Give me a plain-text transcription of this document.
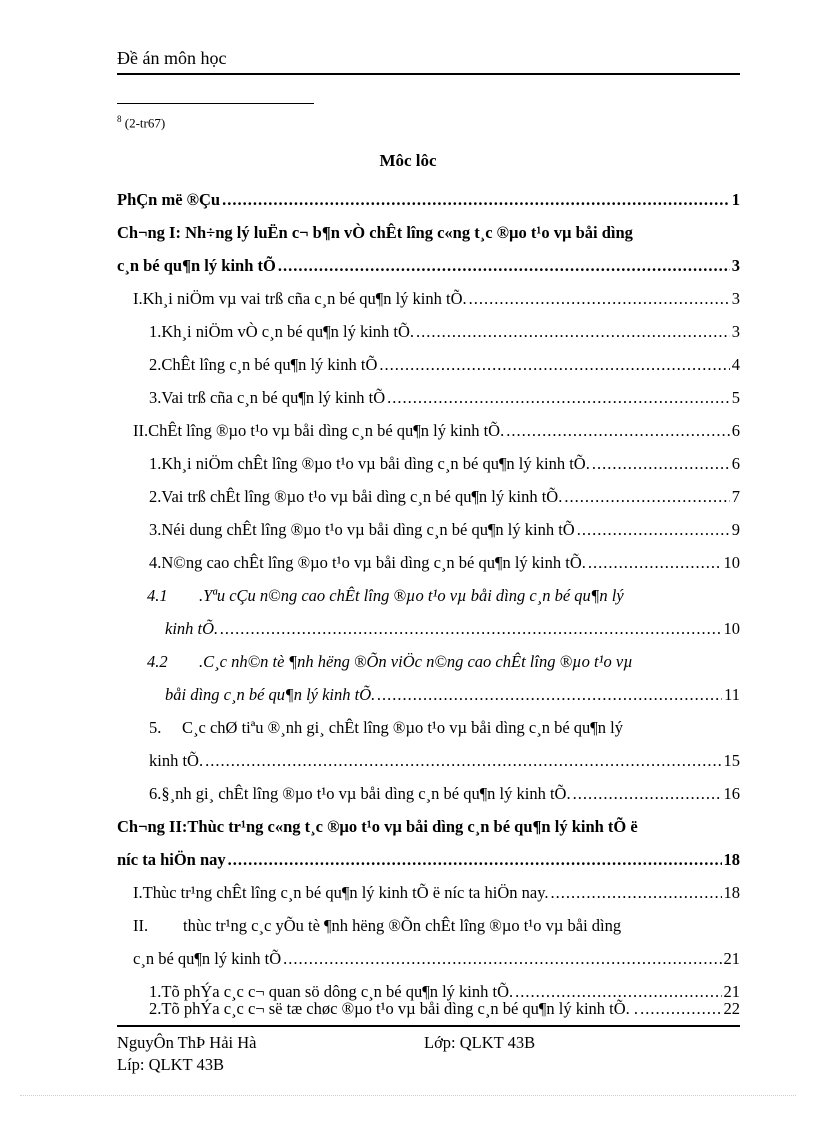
Đề án môn học
$^8$ (2-tr67)
Môc lôc
PhÇn më ®Çu .....	1
Ch¬ng I: Nh÷ng lý luËn c¬ b¶n vÒ chÊt lîng c«ng t¸c ®µo t¹o vµ båi dìng
c¸n bé qu¶n lý kinh tÕ .....	3
I. Kh¸i niÖm vµ vai trß cña c¸n bé qu¶n lý kinh tÕ. .....	3
1. Kh¸i niÖm vÒ c¸n bé qu¶n lý kinh tÕ. .....	3
2. ChÊt lîng c¸n bé qu¶n lý kinh tÕ .....	4
3. Vai trß cña c¸n bé qu¶n lý kinh tÕ .....	5
II. ChÊt lîng ®µo t¹o vµ båi dìng c¸n bé qu¶n lý kinh tÕ. .....	6
1. Kh¸i niÖm chÊt lîng ®µo t¹o vµ båi dìng c¸n bé qu¶n lý kinh tÕ. .....	6
2. Vai trß chÊt lîng ®µo t¹o vµ båi dìng c¸n bé qu¶n lý kinh tÕ. .....	7
3. Néi dung chÊt lîng ®µo t¹o vµ båi dìng c¸n bé qu¶n lý kinh tÕ .....	9
4. N©ng cao chÊt lîng ®µo t¹o vµ båi dìng c¸n bé qu¶n lý kinh tÕ. .....	10
4.1	.Yªu cÇu n©ng cao chÊt lîng ®µo t¹o vµ båi dìng c¸n bé qu¶n lý
kinh tÕ. .....	10
4.2	.C¸c nh©n tè ¶nh hëng ®Õn viÖc n©ng cao chÊt lîng ®µo t¹o vµ
båi dìng c¸n bé qu¶n lý kinh tÕ. .....	11
5.	C¸c chØ tiªu ®¸nh gi¸ chÊt lîng ®µo t¹o vµ båi dìng c¸n bé qu¶n lý
kinh tÕ. .....	15
6. §¸nh gi¸ chÊt lîng ®µo t¹o vµ båi dìng c¸n bé qu¶n lý kinh tÕ. .....	16
Ch¬ng II:Thùc tr¹ng c«ng t¸c ®µo t¹o vµ båi dìng c¸n bé qu¶n lý kinh tÕ ë
níc ta hiÖn nay .....	18
I. Thùc tr¹ng chÊt lîng c¸n bé qu¶n lý kinh tÕ ë níc ta hiÖn nay. .....	18
II.	thùc tr¹ng c¸c yÕu tè ¶nh hëng ®Õn chÊt lîng ®µo t¹o vµ båi dìng
c¸n bé qu¶n lý kinh tÕ .....	21
1. Tõ phÝa c¸c c¬ quan sö dông c¸n bé qu¶n lý kinh tÕ. .....	21
2. Tõ phÝa c¸c c¬ së tæ chøc ®µo t¹o vµ båi dìng c¸n bé qu¶n lý kinh tÕ. . .....	22
NguyÔn ThÞ Hải Hà	Lớp: QLKT 43B
Líp: QLKT 43B
